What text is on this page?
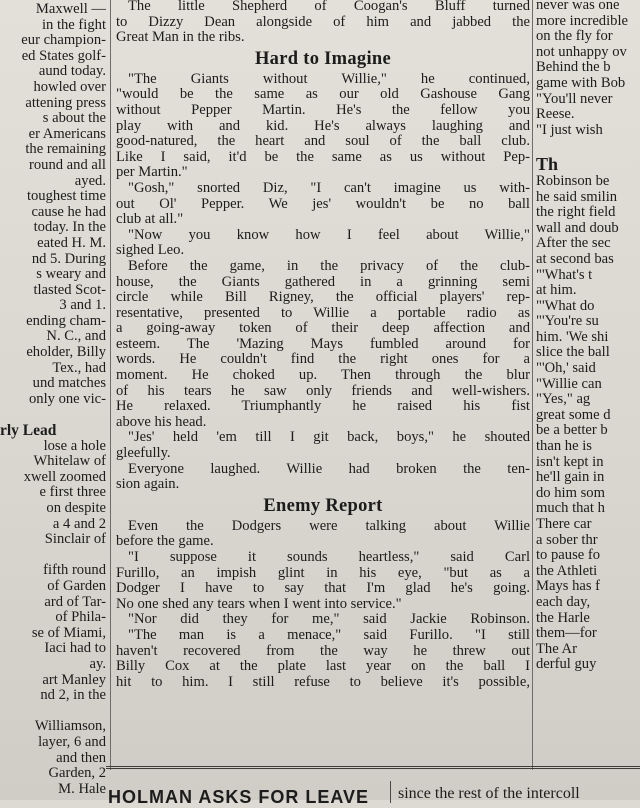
Maxwell —
in the fight
eur champion-
ed States golf-
aund today.
howled over
attening press
s about the
er Americans
the remaining
round and all
ayed.
toughest time
cause he had
today. In the
eated H. M.
nd 5. During
s weary and
tlasted Scot-
3 and 1.
ending cham-
N. C., and
eholder, Billy
Tex., had
und matches
only one vic-
rly Lead
lose a hole
Whitelaw of
xwell zoomed
e first three
on despite
a 4 and 2
Sinclair of
fifth round
of Garden
ard of Tar-
of Phila-
se of Miami,
Iaci had to
ay.
art Manley
nd 2, in the
Williamson,
layer, 6 and
and then
Garden, 2
M. Hale
The little Shepherd of Coogan's Bluff turned
to Dizzy Dean alongside of him and jabbed the
Great Man in the ribs.
Hard to Imagine
"The Giants without Willie," he continued,
"would be the same as our old Gashouse Gang
without Pepper Martin. He's the fellow you
play with and kid. He's always laughing and
good-natured, the heart and soul of the ball club.
Like I said, it'd be the same as us without Pep-
per Martin."
"Gosh," snorted Diz, "I can't imagine us with-
out Ol' Pepper. We jes' wouldn't be no ball
club at all."
"Now you know how I feel about Willie,"
sighed Leo.
Before the game, in the privacy of the club-
house, the Giants gathered in a grinning semi
circle while Bill Rigney, the official players' rep-
resentative, presented to Willie a portable radio as
a going-away token of their deep affection and
esteem. The 'Mazing Mays fumbled around for
words. He couldn't find the right ones for a
moment. He choked up. Then through the blur
of his tears he saw only friends and well-wishers.
He relaxed. Triumphantly he raised his fist
above his head.
"Jes' held 'em till I git back, boys," he shouted
gleefully.
Everyone laughed. Willie had broken the ten-
sion again.
Enemy Report
Even the Dodgers were talking about Willie
before the game.
"I suppose it sounds heartless," said Carl
Furillo, an impish glint in his eye, "but as a
Dodger I have to say that I'm glad he's going.
No one shed any tears when I went into service."
"Nor did they for me," said Jackie Robinson.
"The man is a menace," said Furillo. "I still
haven't recovered from the way he threw out
Billy Cox at the plate last year on the ball I
hit to him. I still refuse to believe it's possible,
never was one
more incredible
on the fly for
not unhappy ov
Behind the b
game with Bob
"You'll never
Reese.
"I just wish
Th
Robinson be
he said smilin
the right field
wall and doub
After the sec
at second bas
"'What's t
at him.
"'What do
"'You're su
him. 'We shi
slice the ball
"'Oh,' said
"Willie can
"Yes," ag
great some d
be a better b
than he is
isn't kept in
he'll gain in
do him som
much that h
There car
a sober thr
to pause fo
the Athleti
Mays has f
each day,
the Harle
them—for
The Ar
derful guy
HOLMAN ASKS FOR LEAVE since the rest of the intercoll
